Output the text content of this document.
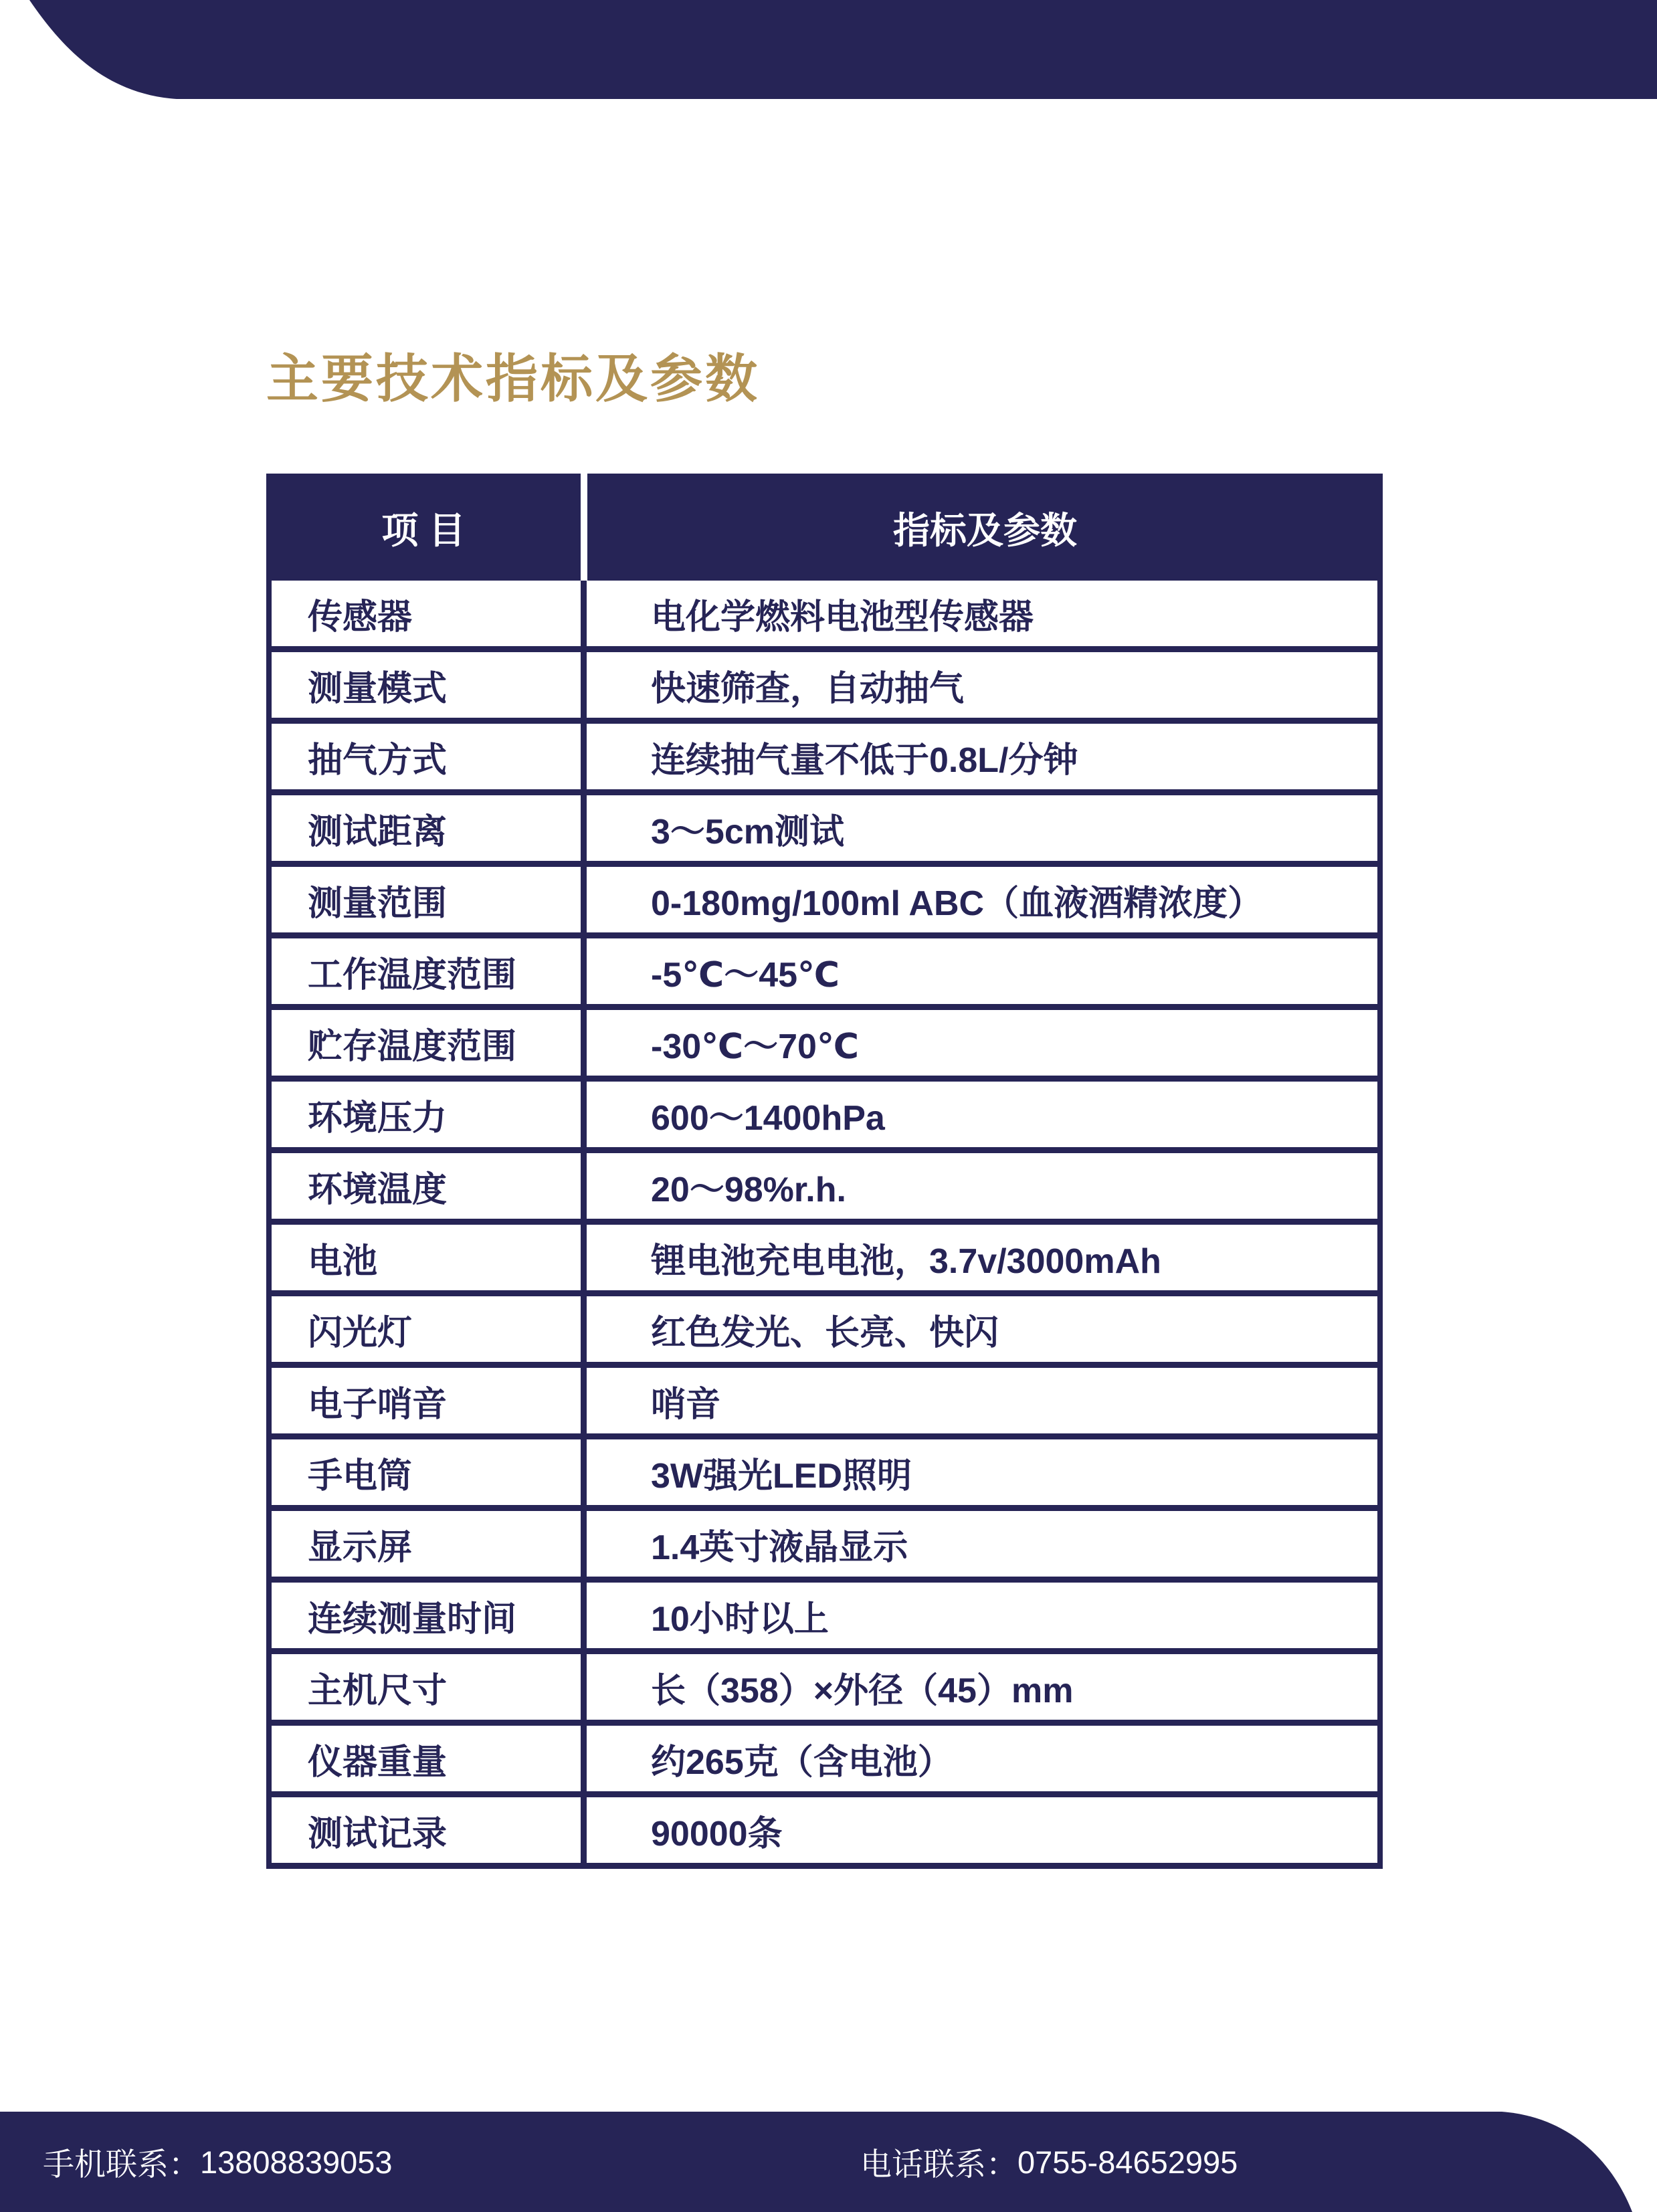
主要技术指标及参数
项 目	指标及参数
传感器	电化学燃料电池型传感器
测量模式	快速筛查，自动抽气
抽气方式	连续抽气量不低于0.8L/分钟
测试距离	3～5cm测试
测量范围	0-180mg/100ml ABC（血液酒精浓度）
工作温度范围	-5℃～45℃
贮存温度范围	-30℃～70℃
环境压力	600～1400hPa
环境温度	20～98%r.h.
电池	锂电池充电电池，3.7v/3000mAh
闪光灯	红色发光、长亮、快闪
电子哨音	哨音
手电筒	3W强光LED照明
显示屏	1.4英寸液晶显示
连续测量时间	10小时以上
主机尺寸	长（358）×外径（45）mm
仪器重量	约265克（含电池）
测试记录	90000条
手机联系： 13808839053	电话联系： 0755-84652995
